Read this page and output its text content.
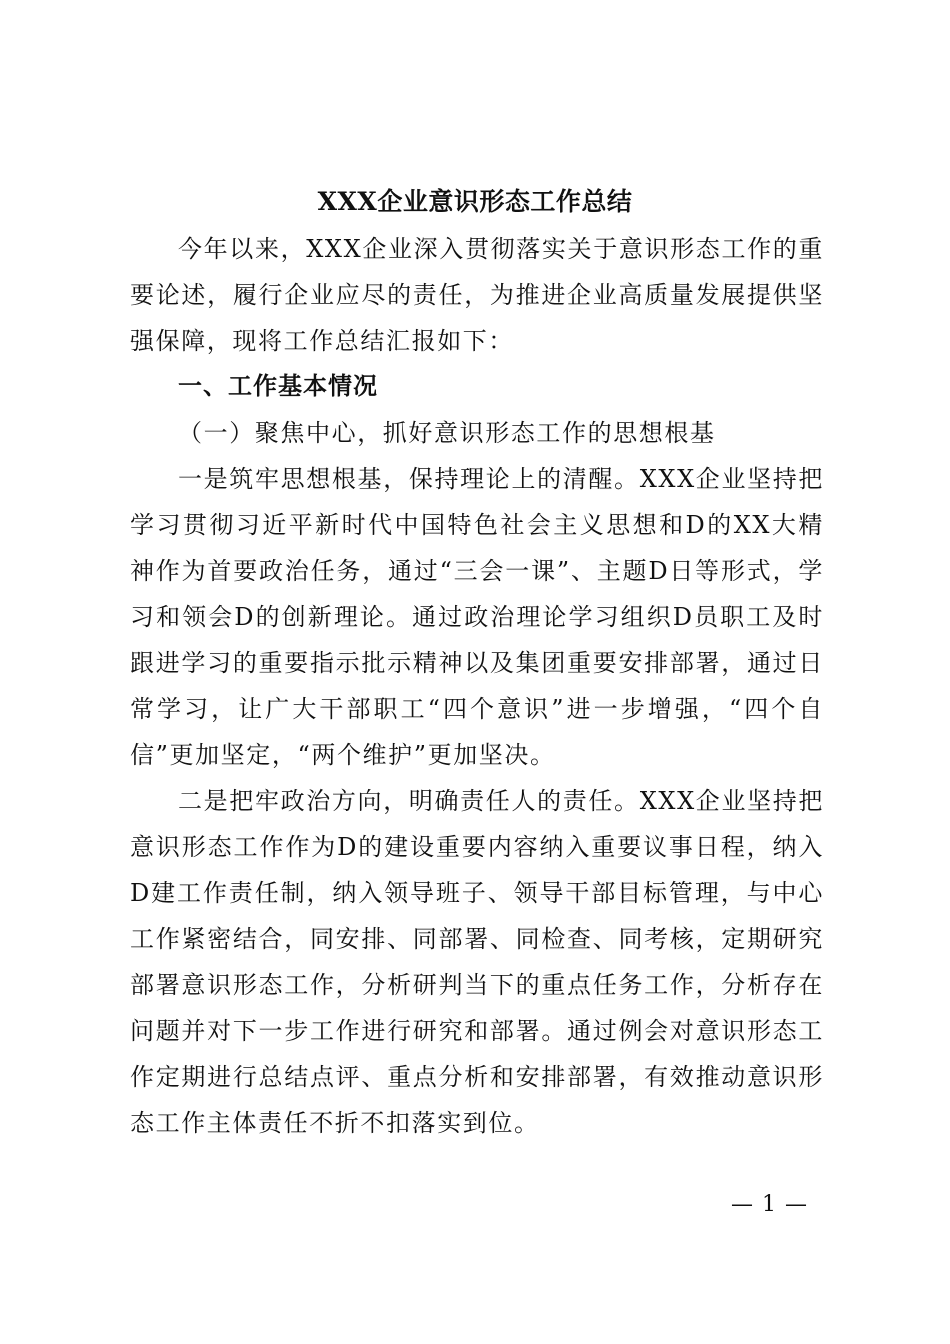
XXX企业意识形态工作总结

今年以来，XXX企业深入贯彻落实关于意识形态工作的重要论述，履行企业应尽的责任，为推进企业高质量发展提供坚强保障，现将工作总结汇报如下：

一、工作基本情况

（一）聚焦中心，抓好意识形态工作的思想根基

一是筑牢思想根基，保持理论上的清醒。XXX企业坚持把学习贯彻习近平新时代中国特色社会主义思想和D的XX大精神作为首要政治任务，通过“三会一课”、主题D日等形式，学习和领会D的创新理论。通过政治理论学习组织D员职工及时跟进学习的重要指示批示精神以及集团重要安排部署，通过日常学习，让广大干部职工“四个意识”进一步增强，“四个自信”更加坚定，“两个维护”更加坚决。

二是把牢政治方向，明确责任人的责任。XXX企业坚持把意识形态工作作为D的建设重要内容纳入重要议事日程，纳入D建工作责任制，纳入领导班子、领导干部目标管理，与中心工作紧密结合，同安排、同部署、同检查、同考核，定期研究部署意识形态工作，分析研判当下的重点任务工作，分析存在问题并对下一步工作进行研究和部署。通过例会对意识形态工作定期进行总结点评、重点分析和安排部署，有效推动意识形态工作主体责任不折不扣落实到位。

— 1 —
